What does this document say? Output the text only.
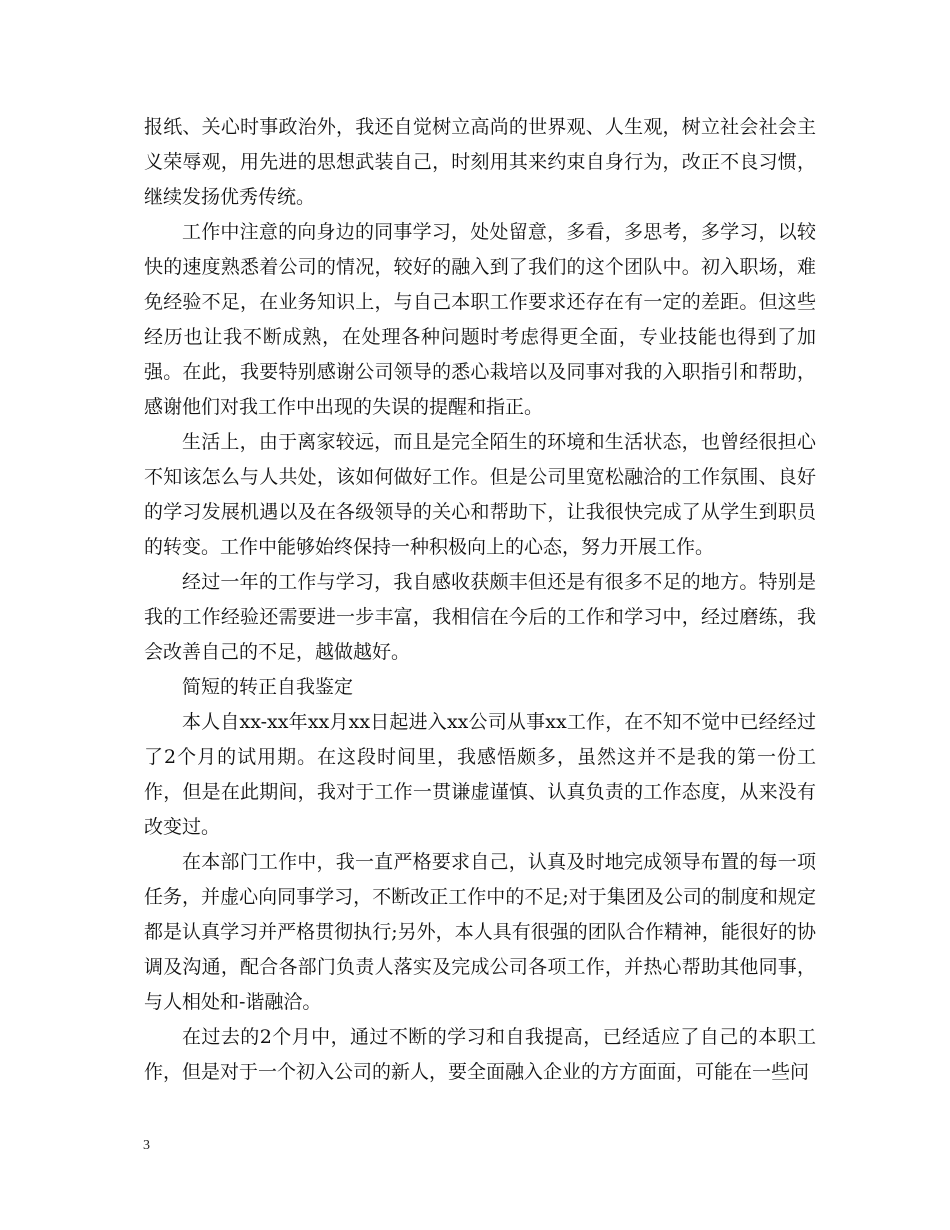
报纸、关心时事政治外，我还自觉树立高尚的世界观、人生观，树立社会社会主义荣辱观，用先进的思想武装自己，时刻用其来约束自身行为，改正不良习惯，继续发扬优秀传统。

工作中注意的向身边的同事学习，处处留意，多看，多思考，多学习，以较快的速度熟悉着公司的情况，较好的融入到了我们的这个团队中。初入职场，难免经验不足，在业务知识上，与自己本职工作要求还存在有一定的差距。但这些经历也让我不断成熟，在处理各种问题时考虑得更全面，专业技能也得到了加强。在此，我要特别感谢公司领导的悉心栽培以及同事对我的入职指引和帮助，感谢他们对我工作中出现的失误的提醒和指正。

生活上，由于离家较远，而且是完全陌生的环境和生活状态，也曾经很担心不知该怎么与人共处，该如何做好工作。但是公司里宽松融洽的工作氛围、良好的学习发展机遇以及在各级领导的关心和帮助下，让我很快完成了从学生到职员的转变。工作中能够始终保持一种积极向上的心态，努力开展工作。

经过一年的工作与学习，我自感收获颇丰但还是有很多不足的地方。特别是我的工作经验还需要进一步丰富，我相信在今后的工作和学习中，经过磨练，我会改善自己的不足，越做越好。

简短的转正自我鉴定

本人自xx-xx年xx月xx日起进入xx公司从事xx工作，在不知不觉中已经经过了2个月的试用期。在这段时间里，我感悟颇多，虽然这并不是我的第一份工作，但是在此期间，我对于工作一贯谦虚谨慎、认真负责的工作态度，从来没有改变过。

在本部门工作中，我一直严格要求自己，认真及时地完成领导布置的每一项任务，并虚心向同事学习，不断改正工作中的不足;对于集团及公司的制度和规定都是认真学习并严格贯彻执行;另外，本人具有很强的团队合作精神，能很好的协调及沟通，配合各部门负责人落实及完成公司各项工作，并热心帮助其他同事，与人相处和-谐融洽。

在过去的2个月中，通过不断的学习和自我提高，已经适应了自己的本职工作，但是对于一个初入公司的新人，要全面融入企业的方方面面，可能在一些问

3
